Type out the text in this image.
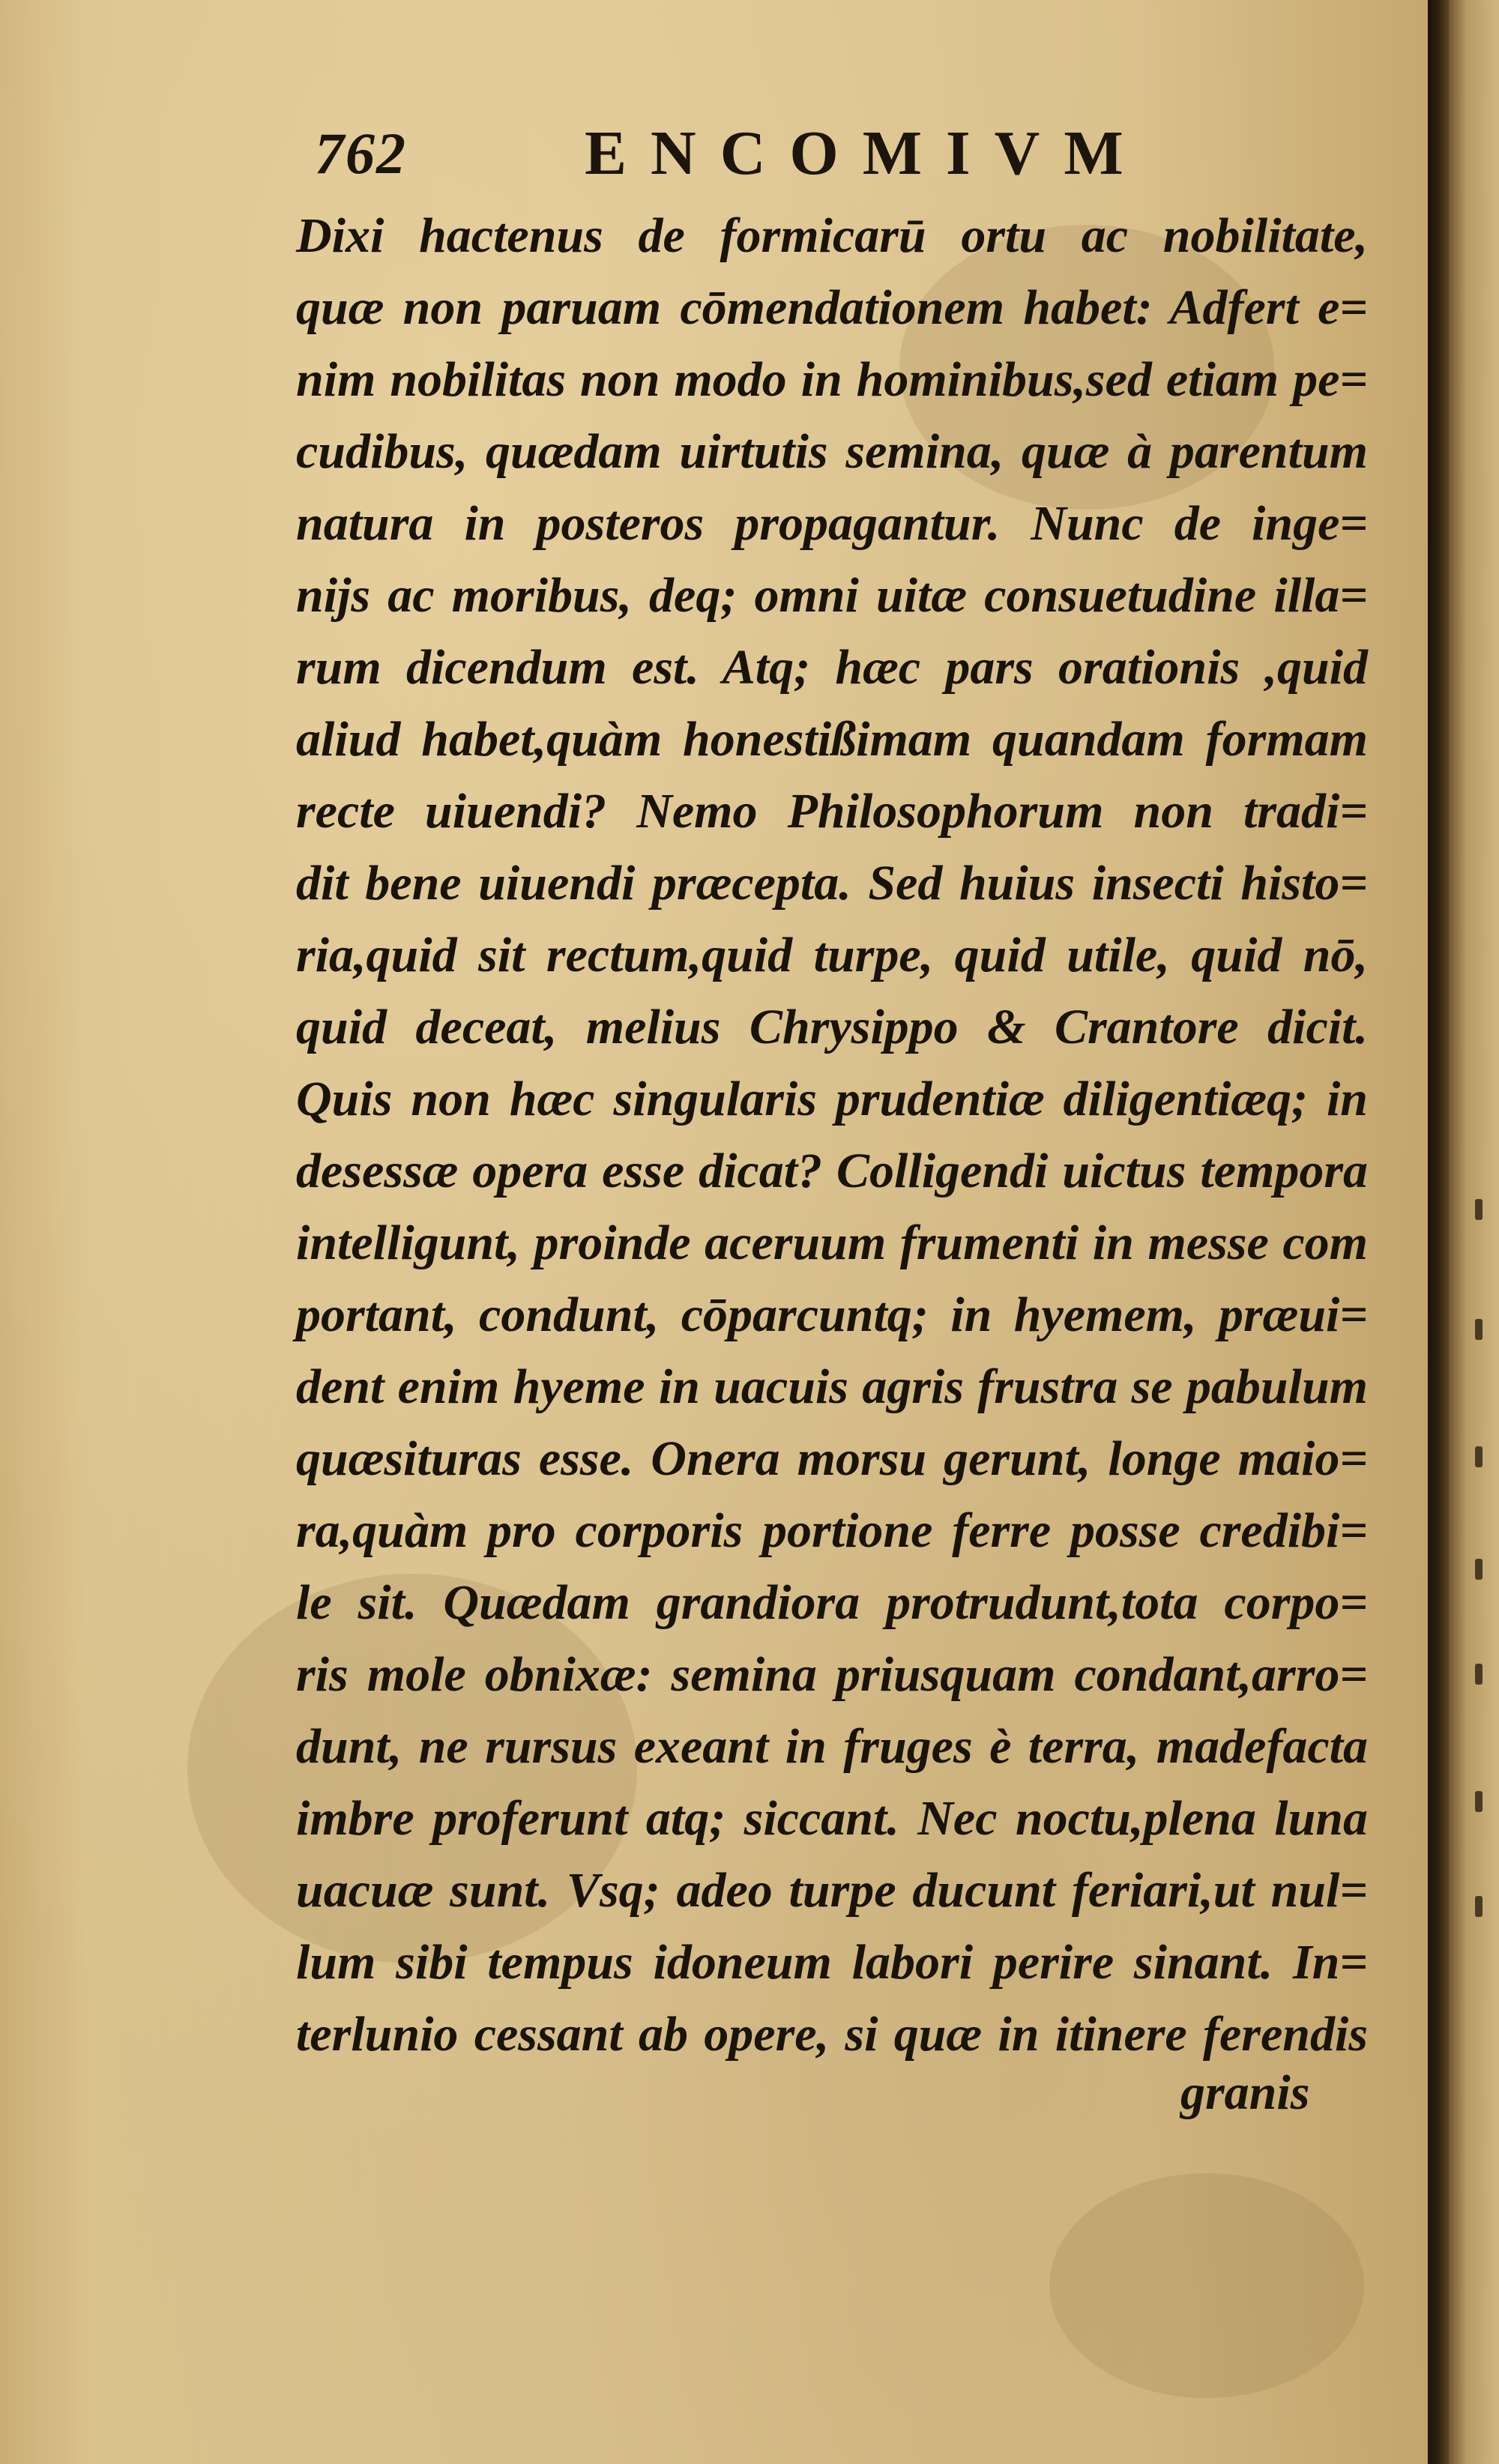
762	ENCOMIVM
Dixi hactenus de formicarū ortu ac nobilitate,
quæ non paruam cōmendationem habet: Adfert e=
nim nobilitas non modo in hominibus,sed etiam pe=
cudibus, quædam uirtutis semina, quæ à parentum
natura in posteros propagantur. Nunc de inge=
nijs ac moribus, deq; omni uitæ consuetudine illa=
rum dicendum est. Atq; hæc pars orationis ,quid
aliud habet,quàm honestißimam quandam formam
recte uiuendi? Nemo Philosophorum non tradi=
dit bene uiuendi præcepta. Sed huius insecti histo=
ria,quid sit rectum,quid turpe, quid utile, quid nō,
quid deceat, melius Chrysippo & Crantore dicit.
Quis non hæc singularis prudentiæ diligentiæq; in
desessæ opera esse dicat? Colligendi uictus tempora
intelligunt, proinde aceruum frumenti in messe com
portant, condunt, cōparcuntq; in hyemem, præui=
dent enim hyeme in uacuis agris frustra se pabulum
quæsituras esse. Onera morsu gerunt, longe maio=
ra,quàm pro corporis portione ferre posse credibi=
le sit. Quædam grandiora protrudunt,tota corpo=
ris mole obnixæ: semina priusquam condant,arro=
dunt, ne rursus exeant in fruges è terra, madefacta
imbre proferunt atq; siccant. Nec noctu,plena luna
uacuæ sunt. Vsq; adeo turpe ducunt feriari,ut nul=
lum sibi tempus idoneum labori perire sinant. In=
terlunio cessant ab opere, si quæ in itinere ferendis
granis
